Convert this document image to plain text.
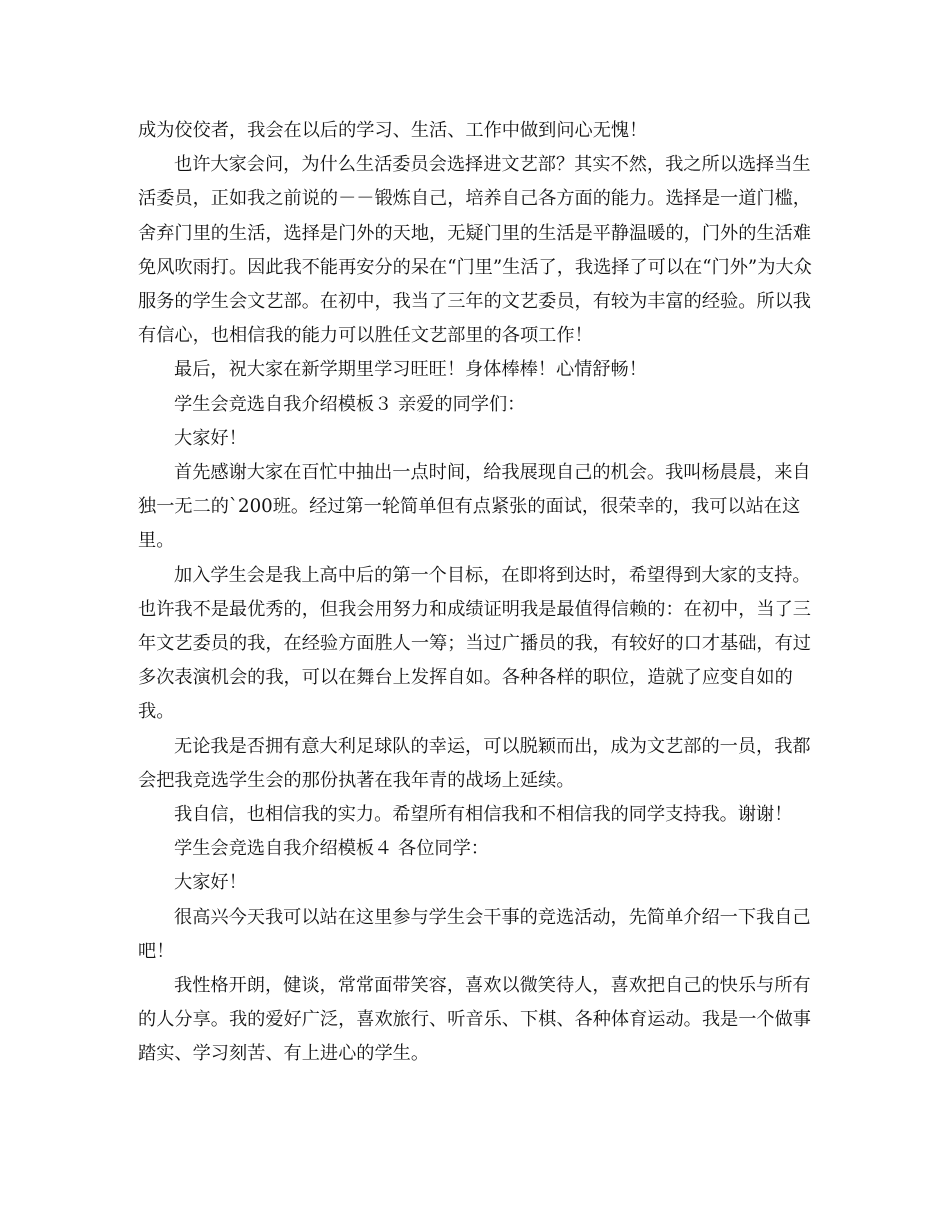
成为佼佼者，我会在以后的学习、生活、工作中做到问心无愧！

也许大家会问，为什么生活委员会选择进文艺部？其实不然，我之所以选择当生活委员，正如我之前说的－－锻炼自己，培养自己各方面的能力。选择是一道门槛，舍弃门里的生活，选择是门外的天地，无疑门里的生活是平静温暖的，门外的生活难免风吹雨打。因此我不能再安分的呆在“门里”生活了，我选择了可以在“门外”为大众服务的学生会文艺部。在初中，我当了三年的文艺委员，有较为丰富的经验。所以我有信心，也相信我的能力可以胜任文艺部里的各项工作！

最后，祝大家在新学期里学习旺旺！身体棒棒！心情舒畅！

学生会竞选自我介绍模板３ 亲爱的同学们：

大家好！

首先感谢大家在百忙中抽出一点时间，给我展现自己的机会。我叫杨晨晨，来自独一无二的`200班。经过第一轮简单但有点紧张的面试，很荣幸的，我可以站在这里。

加入学生会是我上高中后的第一个目标，在即将到达时，希望得到大家的支持。也许我不是最优秀的，但我会用努力和成绩证明我是最值得信赖的：在初中，当了三年文艺委员的我，在经验方面胜人一筹；当过广播员的我，有较好的口才基础，有过多次表演机会的我，可以在舞台上发挥自如。各种各样的职位，造就了应变自如的我。

无论我是否拥有意大利足球队的幸运，可以脱颖而出，成为文艺部的一员，我都会把我竞选学生会的那份执著在我年青的战场上延续。

我自信，也相信我的实力。希望所有相信我和不相信我的同学支持我。谢谢！

学生会竞选自我介绍模板４ 各位同学：

大家好！

很高兴今天我可以站在这里参与学生会干事的竞选活动，先简单介绍一下我自己吧！

我性格开朗，健谈，常常面带笑容，喜欢以微笑待人，喜欢把自己的快乐与所有的人分享。我的爱好广泛，喜欢旅行、听音乐、下棋、各种体育运动。我是一个做事踏实、学习刻苦、有上进心的学生。
